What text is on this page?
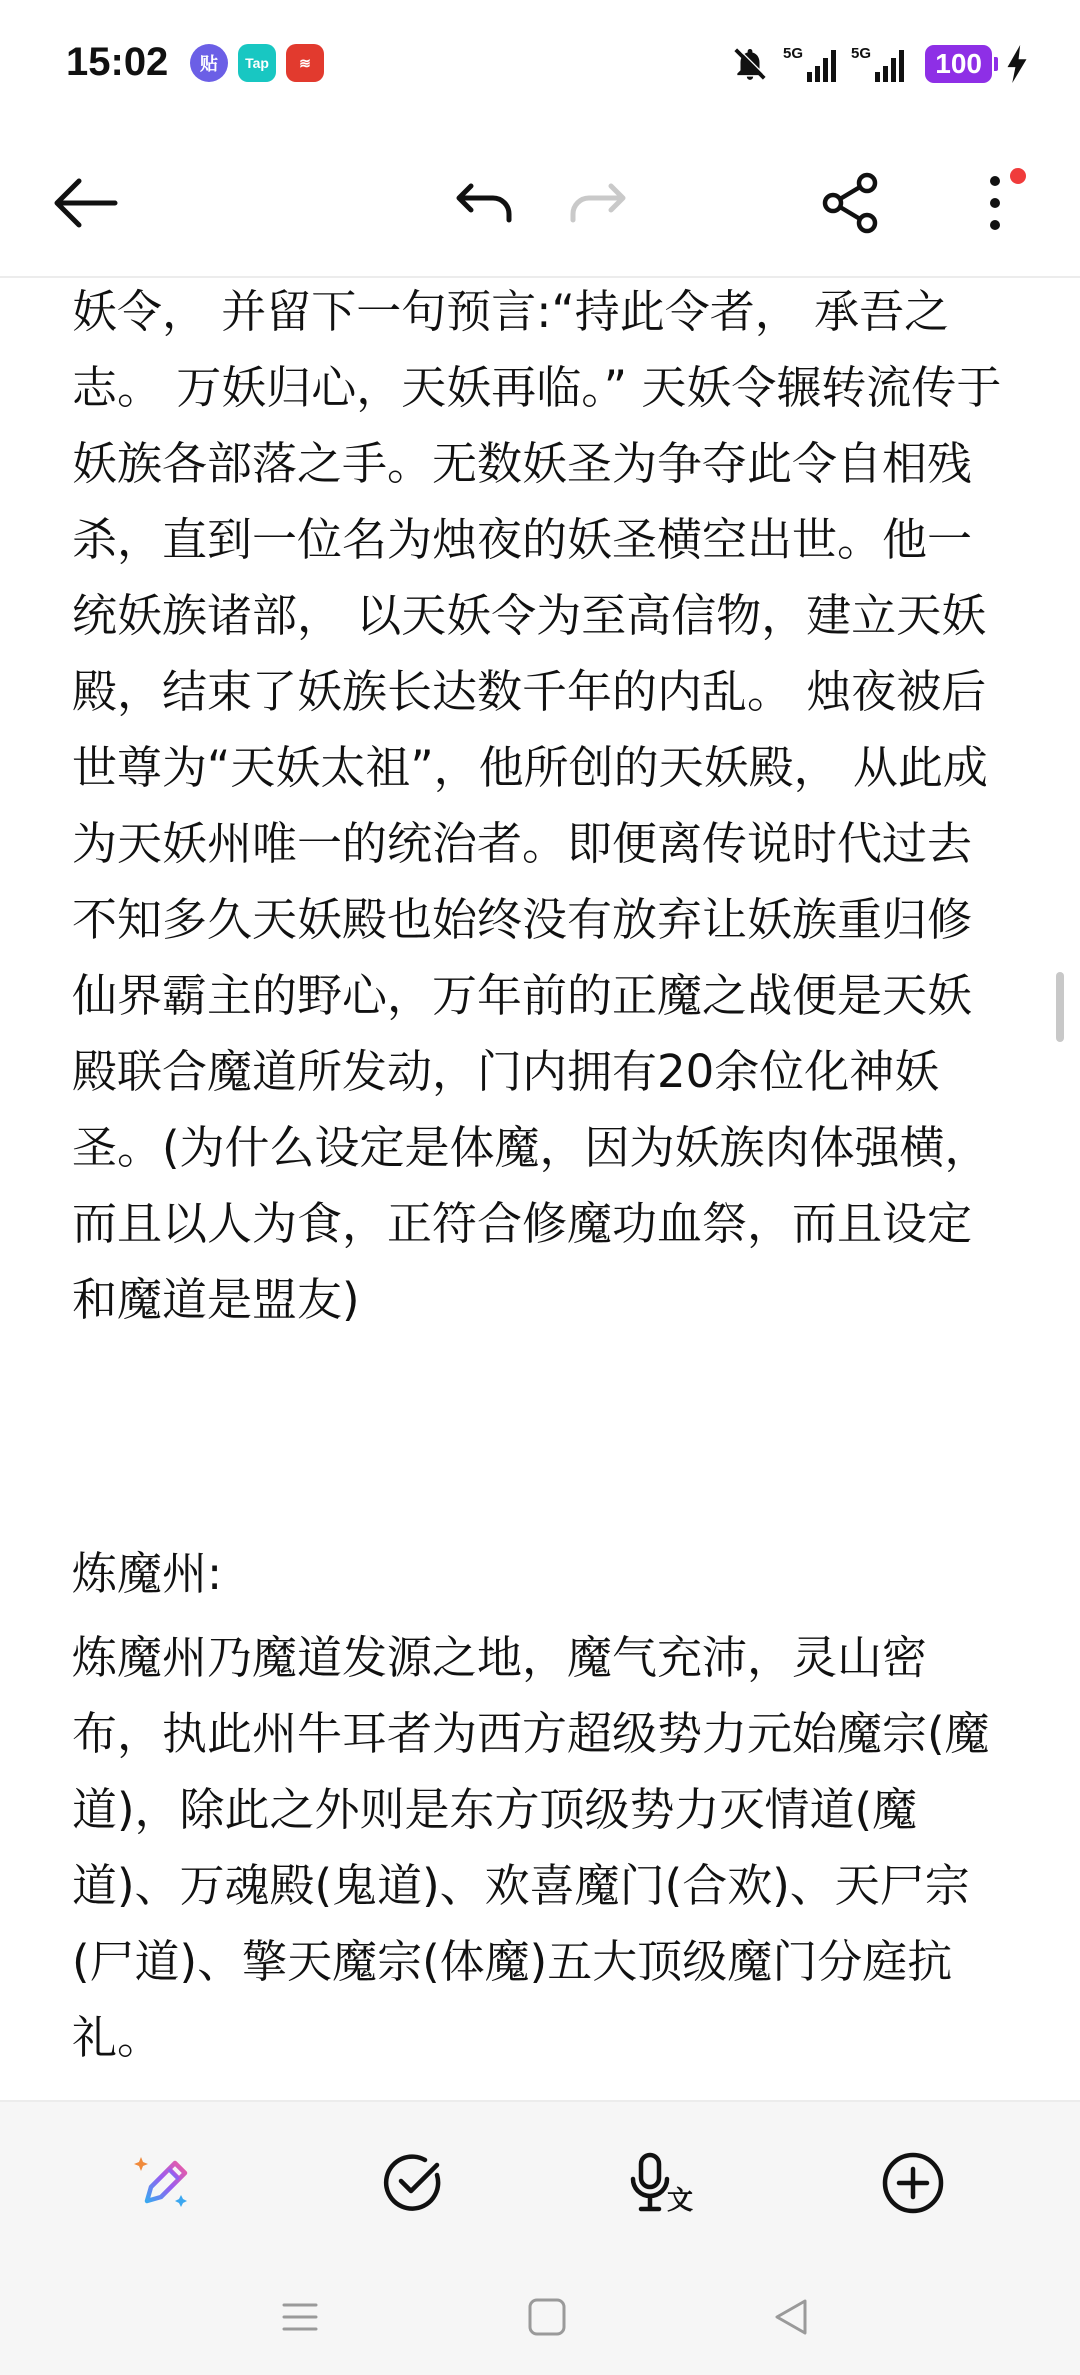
15:02	贴	Tap	≋
5G	5G	100

妖令， 并留下一句预言:“持此令者， 承吾之志。 万妖归心，天妖再临。” 天妖令辗转流传于妖族各部落之手。无数妖圣为争夺此令自相残杀，直到一位名为烛夜的妖圣横空出世。他一统妖族诸部， 以天妖令为至高信物，建立天妖殿，结束了妖族长达数千年的内乱。 烛夜被后世尊为“天妖太祖”，他所创的天妖殿， 从此成为天妖州唯一的统治者。即便离传说时代过去不知多久天妖殿也始终没有放弃让妖族重归修仙界霸主的野心，万年前的正魔之战便是天妖殿联合魔道所发动，门内拥有20余位化神妖圣。(为什么设定是体魔，因为妖族肉体强横，而且以人为食，正符合修魔功血祭，而且设定和魔道是盟友)

炼魔州:

炼魔州乃魔道发源之地，魔气充沛，灵山密布，执此州牛耳者为西方超级势力元始魔宗(魔道)，除此之外则是东方顶级势力灭情道(魔道)、万魂殿(鬼道)、欢喜魔门(合欢)、天尸宗(尸道)、擎天魔宗(体魔)五大顶级魔门分庭抗礼。

文
